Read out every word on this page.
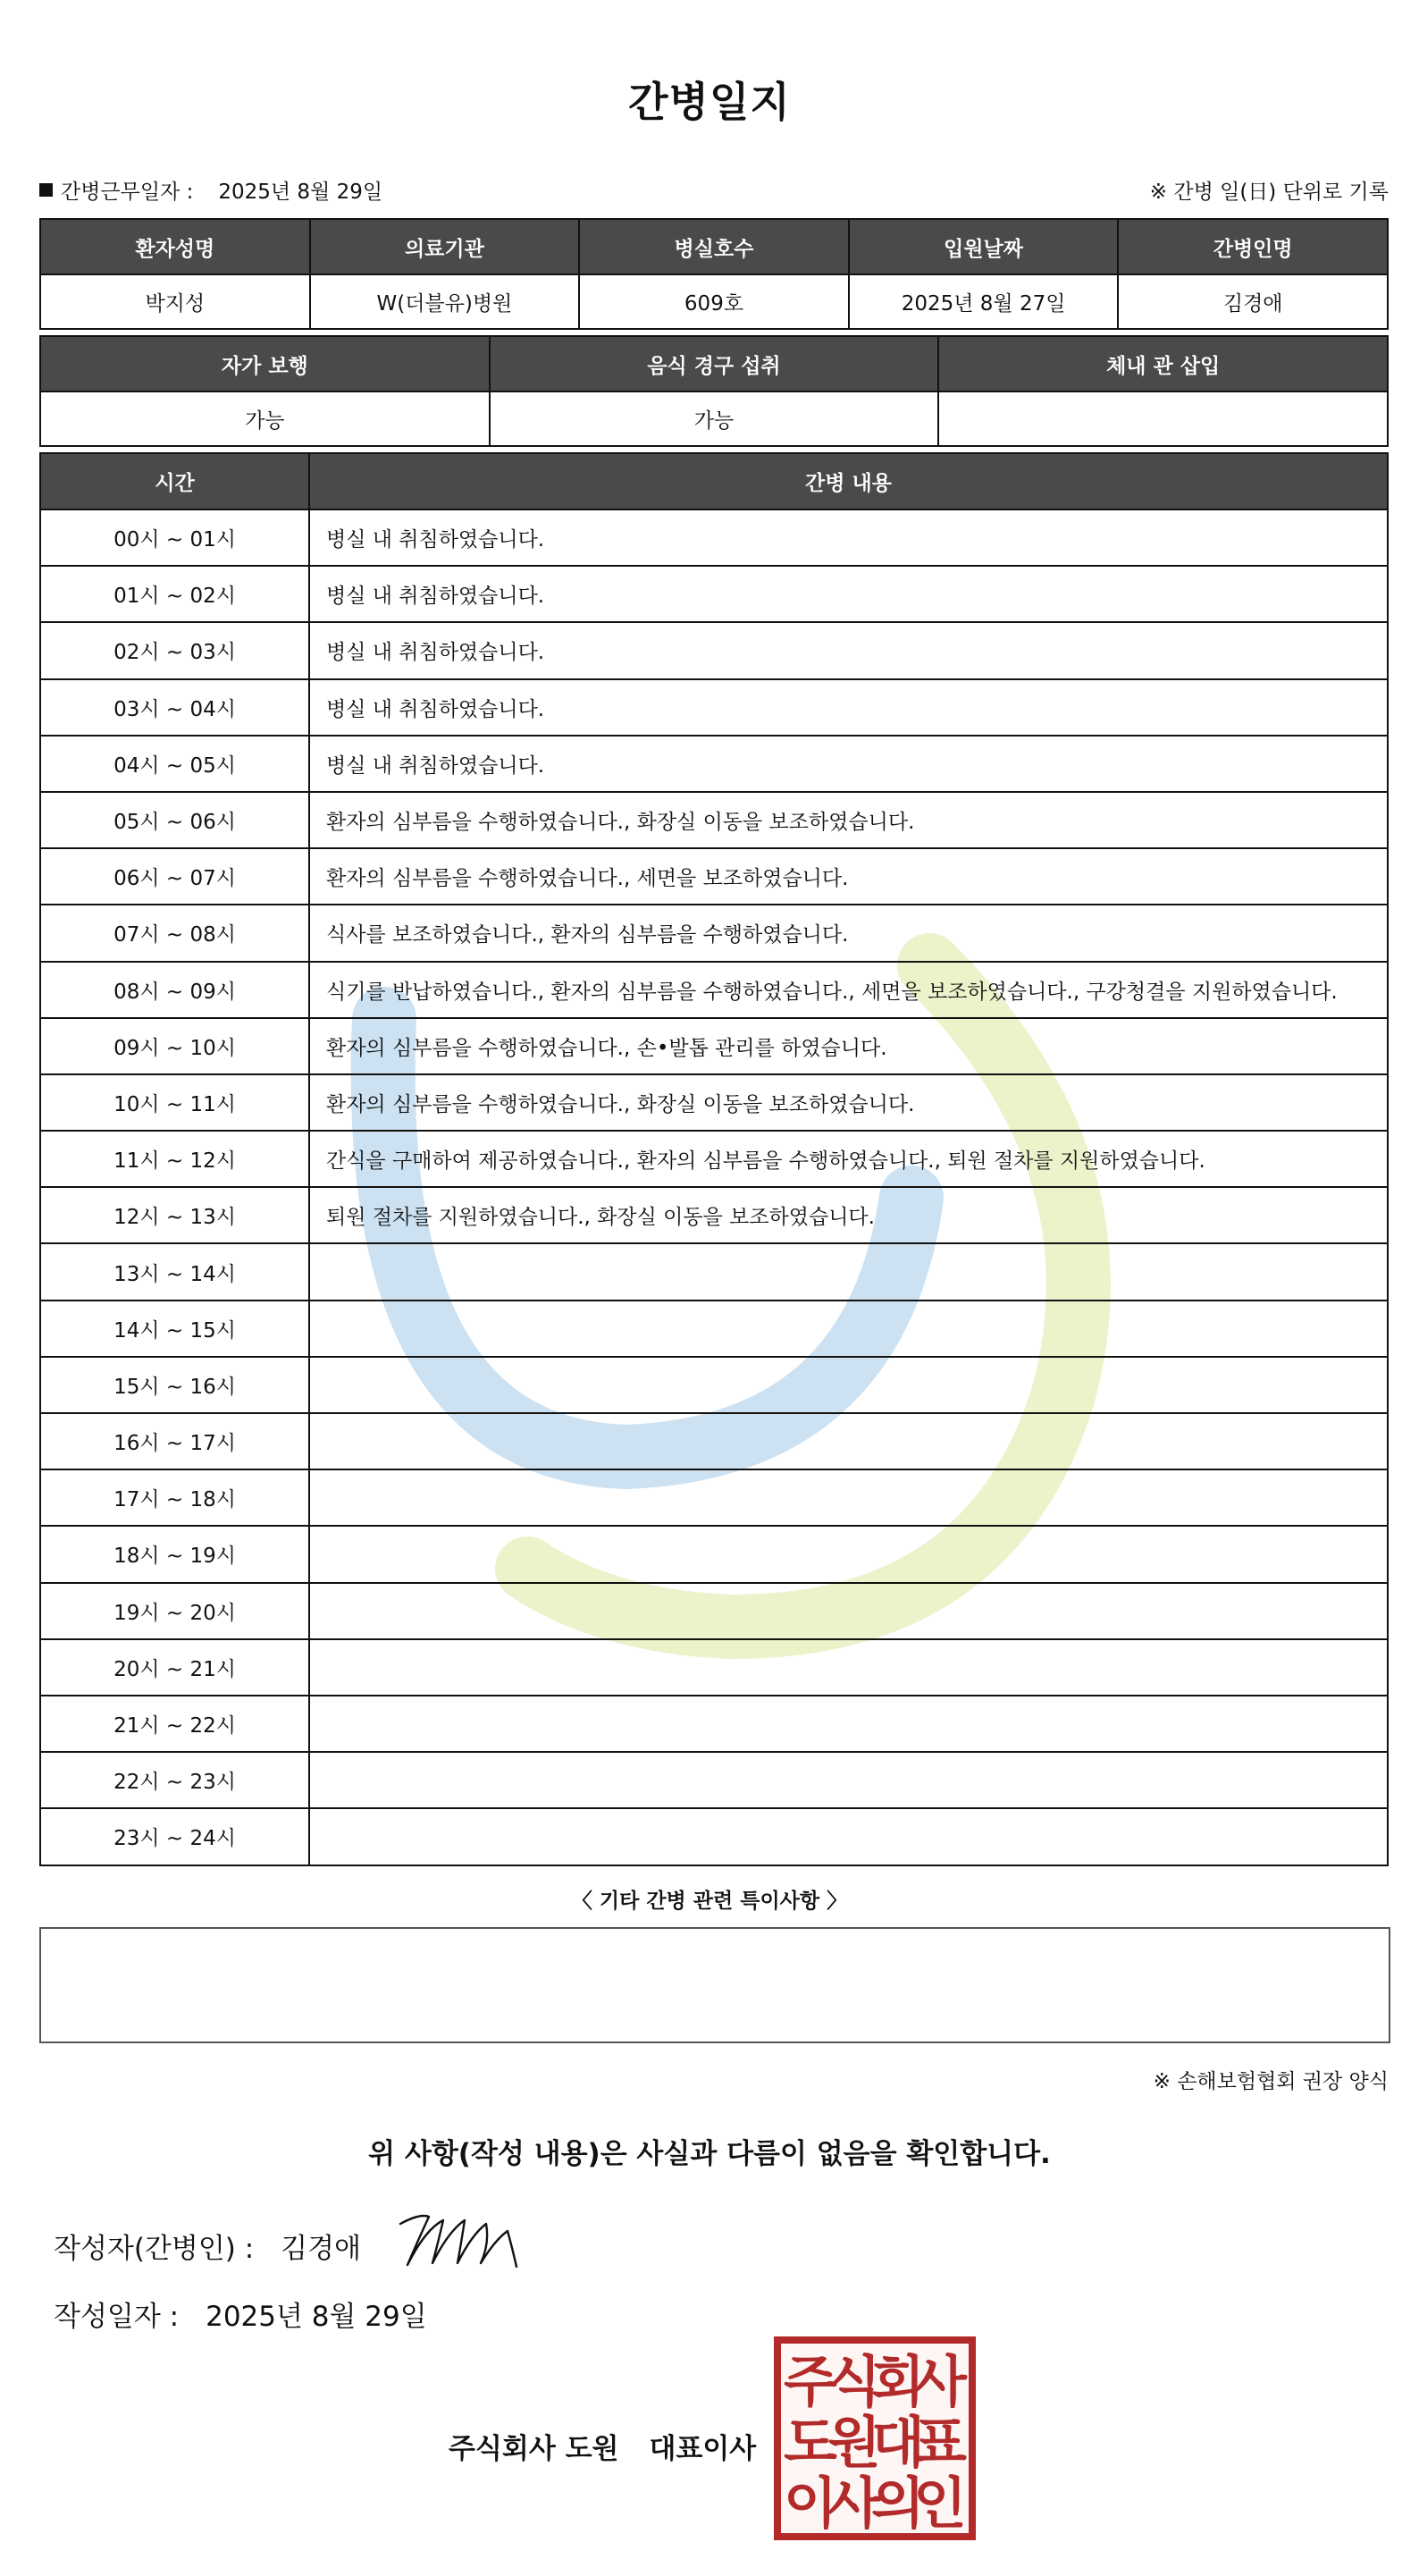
간병일지
간병근무일자 : 2025년 8월 29일	※ 간병 일(日) 단위로 기록
환자성명	의료기관	병실호수	입원날짜	간병인명
박지성	W(더블유)병원	609호	2025년 8월 27일	김경애
자가 보행	음식 경구 섭취	체내 관 삽입
가능	가능	
시간	간병 내용
00시 ~ 01시	병실 내 취침하였습니다.
01시 ~ 02시	병실 내 취침하였습니다.
02시 ~ 03시	병실 내 취침하였습니다.
03시 ~ 04시	병실 내 취침하였습니다.
04시 ~ 05시	병실 내 취침하였습니다.
05시 ~ 06시	환자의 심부름을 수행하였습니다., 화장실 이동을 보조하였습니다.
06시 ~ 07시	환자의 심부름을 수행하였습니다., 세면을 보조하였습니다.
07시 ~ 08시	식사를 보조하였습니다., 환자의 심부름을 수행하였습니다.
08시 ~ 09시	식기를 반납하였습니다., 환자의 심부름을 수행하였습니다., 세면을 보조하였습니다., 구강청결을 지원하였습니다.
09시 ~ 10시	환자의 심부름을 수행하였습니다., 손•발톱 관리를 하였습니다.
10시 ~ 11시	환자의 심부름을 수행하였습니다., 화장실 이동을 보조하였습니다.
11시 ~ 12시	간식을 구매하여 제공하였습니다., 환자의 심부름을 수행하였습니다., 퇴원 절차를 지원하였습니다.
12시 ~ 13시	퇴원 절차를 지원하였습니다., 화장실 이동을 보조하였습니다.
13시 ~ 14시	
14시 ~ 15시	
15시 ~ 16시	
16시 ~ 17시	
17시 ~ 18시	
18시 ~ 19시	
19시 ~ 20시	
20시 ~ 21시	
21시 ~ 22시	
22시 ~ 23시	
23시 ~ 24시	
〈 기타 간병 관련 특이사항 〉
※ 손해보험협회 권장 양식
위 사항(작성 내용)은 사실과 다름이 없음을 확인합니다.
작성자(간병인) : 김경애
작성일자 : 2025년 8월 29일
주식회사 도원 대표이사
주
식
회
사
도
원
대
표
이
사
의
인
